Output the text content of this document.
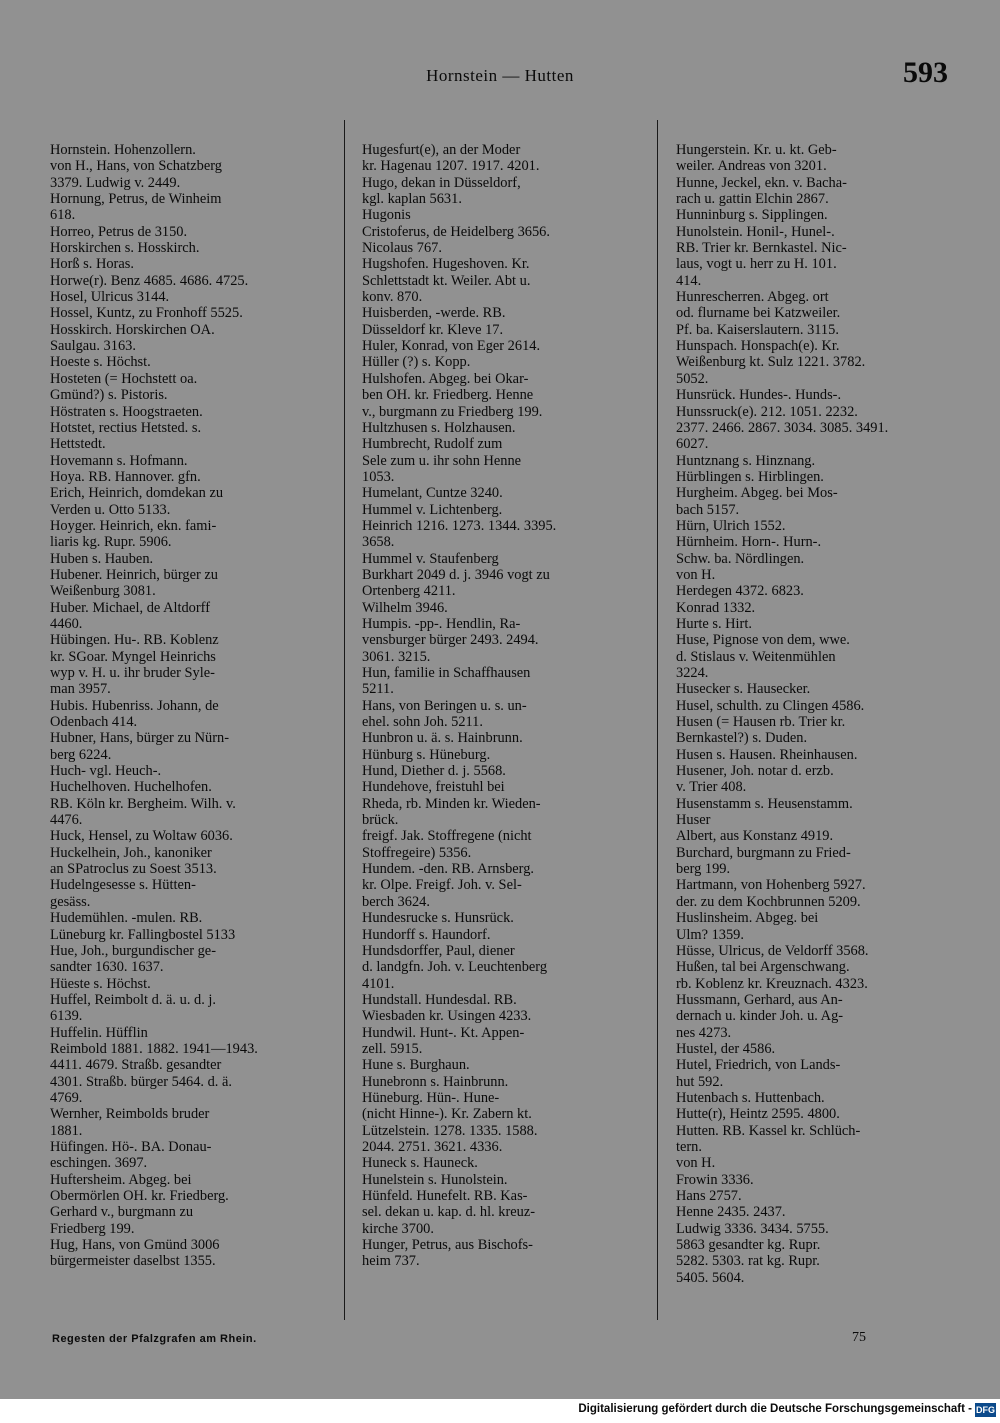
Hornstein — Hutten	593
Hornstein. Hohenzollern.
von H., Hans, von Schatzberg
3379. Ludwig v. 2449.
Hornung, Petrus, de Winheim
618.
Horreo, Petrus de 3150.
Horskirchen s. Hosskirch.
Horß s. Horas.
Horwe(r). Benz 4685. 4686. 4725.
Hosel, Ulricus 3144.
Hossel, Kuntz, zu Fronhoff 5525.
Hosskirch. Horskirchen OA.
Saulgau. 3163.
Hoeste s. Höchst.
Hosteten (= Hochstett oa.
Gmünd?) s. Pistoris.
Höstraten s. Hoogstraeten.
Hotstet, rectius Hetsted. s.
Hettstedt.
Hovemann s. Hofmann.
Hoya. RB. Hannover. gfn.
Erich, Heinrich, domdekan zu
Verden u. Otto 5133.
Hoyger. Heinrich, ekn. fami-
liaris kg. Rupr. 5906.
Huben s. Hauben.
Hubener. Heinrich, bürger zu
Weißenburg 3081.
Huber. Michael, de Altdorff
4460.
Hübingen. Hu-. RB. Koblenz
kr. SGoar. Myngel Heinrichs
wyp v. H. u. ihr bruder Syle-
man 3957.
Hubis. Hubenriss. Johann, de
Odenbach 414.
Hubner, Hans, bürger zu Nürn-
berg 6224.
Huch- vgl. Heuch-.
Huchelhoven. Huchelhofen.
RB. Köln kr. Bergheim. Wilh. v.
4476.
Huck, Hensel, zu Woltaw 6036.
Huckelhein, Joh., kanoniker
an SPatroclus zu Soest 3513.
Hudelngesesse s. Hütten-
gesäss.
Hudemühlen. -mulen. RB.
Lüneburg kr. Fallingbostel 5133
Hue, Joh., burgundischer ge-
sandter 1630. 1637.
Hüeste s. Höchst.
Huffel, Reimbolt d. ä. u. d. j.
6139.
Huffelin. Hüfflin
Reimbold 1881. 1882. 1941—1943.
4411. 4679. Straßb. gesandter
4301. Straßb. bürger 5464. d. ä.
4769.
Wernher, Reimbolds bruder
1881.
Hüfingen. Hö-. BA. Donau-
eschingen. 3697.
Huftersheim. Abgeg. bei
Obermörlen OH. kr. Friedberg.
Gerhard v., burgmann zu
Friedberg 199.
Hug, Hans, von Gmünd 3006
bürgermeister daselbst 1355.
Hugesfurt(e), an der Moder
kr. Hagenau 1207. 1917. 4201.
Hugo, dekan in Düsseldorf,
kgl. kaplan 5631.
Hugonis
Cristoferus, de Heidelberg 3656.
Nicolaus 767.
Hugshofen. Hugeshoven. Kr.
Schlettstadt kt. Weiler. Abt u.
konv. 870.
Huisberden, -werde. RB.
Düsseldorf kr. Kleve 17.
Huler, Konrad, von Eger 2614.
Hüller (?) s. Kopp.
Hulshofen. Abgeg. bei Okar-
ben OH. kr. Friedberg. Henne
v., burgmann zu Friedberg 199.
Hultzhusen s. Holzhausen.
Humbrecht, Rudolf zum
Sele zum u. ihr sohn Henne
1053.
Humelant, Cuntze 3240.
Hummel v. Lichtenberg.
Heinrich 1216. 1273. 1344. 3395.
3658.
Hummel v. Staufenberg
Burkhart 2049 d. j. 3946 vogt zu
Ortenberg 4211.
Wilhelm 3946.
Humpis. -pp-. Hendlin, Ra-
vensburger bürger 2493. 2494.
3061. 3215.
Hun, familie in Schaffhausen
5211.
Hans, von Beringen u. s. un-
ehel. sohn Joh. 5211.
Hunbron u. ä. s. Hainbrunn.
Hünburg s. Hüneburg.
Hund, Diether d. j. 5568.
Hundehove, freistuhl bei
Rheda, rb. Minden kr. Wieden-
brück.
freigf. Jak. Stoffregene (nicht
Stoffregeire) 5356.
Hundem. -den. RB. Arnsberg.
kr. Olpe. Freigf. Joh. v. Sel-
berch 3624.
Hundesrucke s. Hunsrück.
Hundorff s. Haundorf.
Hundsdorffer, Paul, diener
d. landgfn. Joh. v. Leuchtenberg
4101.
Hundstall. Hundesdal. RB.
Wiesbaden kr. Usingen 4233.
Hundwil. Hunt-. Kt. Appen-
zell. 5915.
Hune s. Burghaun.
Hunebronn s. Hainbrunn.
Hüneburg. Hün-. Hune-
(nicht Hinne-). Kr. Zabern kt.
Lützelstein. 1278. 1335. 1588.
2044. 2751. 3621. 4336.
Huneck s. Hauneck.
Hunelstein s. Hunolstein.
Hünfeld. Hunefelt. RB. Kas-
sel. dekan u. kap. d. hl. kreuz-
kirche 3700.
Hunger, Petrus, aus Bischofs-
heim 737.
Hungerstein. Kr. u. kt. Geb-
weiler. Andreas von 3201.
Hunne, Jeckel, ekn. v. Bacha-
rach u. gattin Elchin 2867.
Hunninburg s. Sipplingen.
Hunolstein. Honil-, Hunel-.
RB. Trier kr. Bernkastel. Nic-
laus, vogt u. herr zu H. 101.
414.
Hunrescherren. Abgeg. ort
od. flurname bei Katzweiler.
Pf. ba. Kaiserslautern. 3115.
Hunspach. Honspach(e). Kr.
Weißenburg kt. Sulz 1221. 3782.
5052.
Hunsrück. Hundes-. Hunds-.
Hunssruck(e). 212. 1051. 2232.
2377. 2466. 2867. 3034. 3085. 3491.
6027.
Huntznang s. Hinznang.
Hürblingen s. Hirblingen.
Hurgheim. Abgeg. bei Mos-
bach 5157.
Hürn, Ulrich 1552.
Hürnheim. Horn-. Hurn-.
Schw. ba. Nördlingen.
von H.
Herdegen 4372. 6823.
Konrad 1332.
Hurte s. Hirt.
Huse, Pignose von dem, wwe.
d. Stislaus v. Weitenmühlen
3224.
Husecker s. Hausecker.
Husel, schulth. zu Clingen 4586.
Husen (= Hausen rb. Trier kr.
Bernkastel?) s. Duden.
Husen s. Hausen. Rheinhausen.
Husener, Joh. notar d. erzb.
v. Trier 408.
Husenstamm s. Heusenstamm.
Huser
Albert, aus Konstanz 4919.
Burchard, burgmann zu Fried-
berg 199.
Hartmann, von Hohenberg 5927.
der. zu dem Kochbrunnen 5209.
Huslinsheim. Abgeg. bei
Ulm? 1359.
Hüsse, Ulricus, de Veldorff 3568.
Hußen, tal bei Argenschwang.
rb. Koblenz kr. Kreuznach. 4323.
Hussmann, Gerhard, aus An-
dernach u. kinder Joh. u. Ag-
nes 4273.
Hustel, der 4586.
Hutel, Friedrich, von Lands-
hut 592.
Hutenbach s. Huttenbach.
Hutte(r), Heintz 2595. 4800.
Hutten. RB. Kassel kr. Schlüch-
tern.
von H.
Frowin 3336.
Hans 2757.
Henne 2435. 2437.
Ludwig 3336. 3434. 5755.
5863 gesandter kg. Rupr.
5282. 5303. rat kg. Rupr.
5405. 5604.
Regesten der Pfalzgrafen am Rhein.	75
Digitalisierung gefördert durch die Deutsche Forschungsgemeinschaft - DFG
